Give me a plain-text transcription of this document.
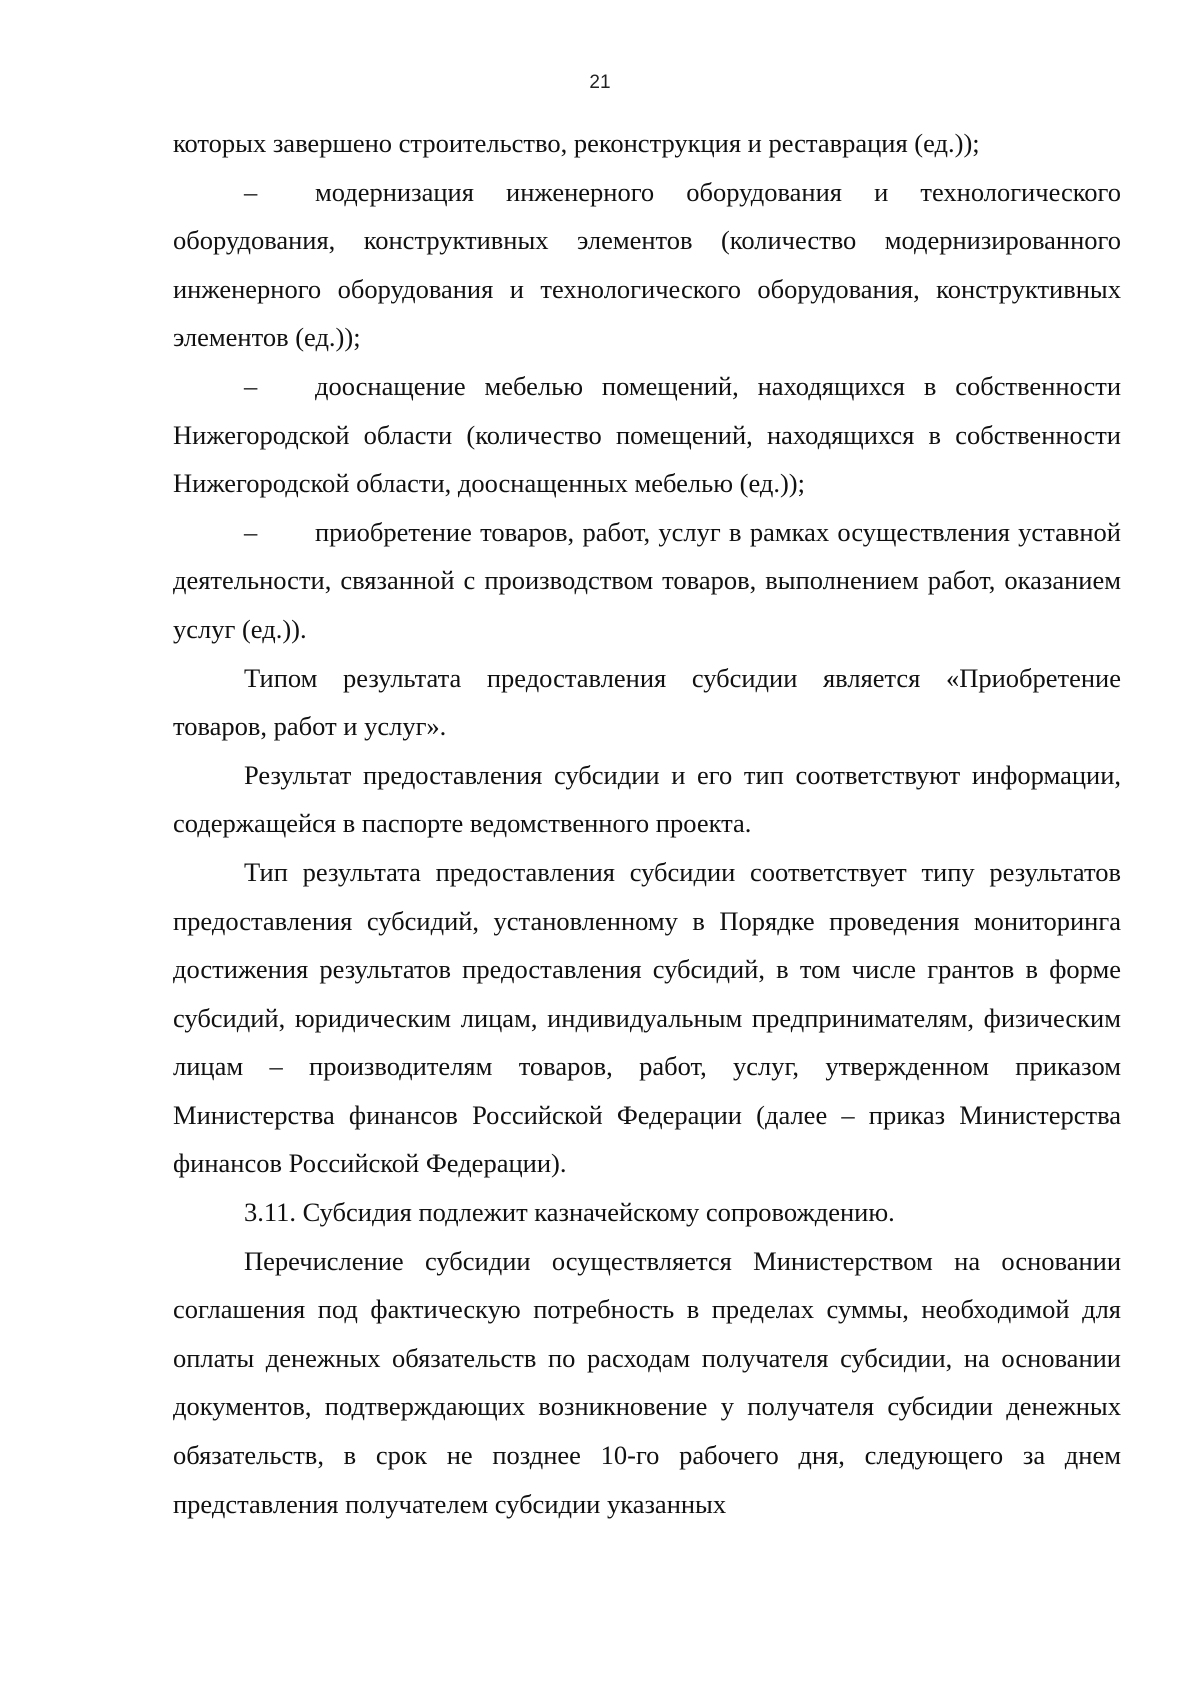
21

которых завершено строительство, реконструкция и реставрация (ед.));

– модернизация инженерного оборудования и технологического оборудования, конструктивных элементов (количество модернизированного инженерного оборудования и технологического оборудования, конструктивных элементов (ед.));

– дооснащение мебелью помещений, находящихся в собственности Нижегородской области (количество помещений, находящихся в собственности Нижегородской области, дооснащенных мебелью (ед.));

– приобретение товаров, работ, услуг в рамках осуществления уставной деятельности, связанной с производством товаров, выполнением работ, оказанием услуг (ед.)).

Типом результата предоставления субсидии является «Приобретение товаров, работ и услуг».

Результат предоставления субсидии и его тип соответствуют информации, содержащейся в паспорте ведомственного проекта.

Тип результата предоставления субсидии соответствует типу результатов предоставления субсидий, установленному в Порядке проведения мониторинга достижения результатов предоставления субсидий, в том числе грантов в форме субсидий, юридическим лицам, индивидуальным предпринимателям, физическим лицам – производителям товаров, работ, услуг, утвержденном приказом Министерства финансов Российской Федерации (далее – приказ Министерства финансов Российской Федерации).

3.11. Субсидия подлежит казначейскому сопровождению.

Перечисление субсидии осуществляется Министерством на основании соглашения под фактическую потребность в пределах суммы, необходимой для оплаты денежных обязательств по расходам получателя субсидии, на основании документов, подтверждающих возникновение у получателя субсидии денежных обязательств, в срок не позднее 10-го рабочего дня, следующего за днем представления получателем субсидии указанных
